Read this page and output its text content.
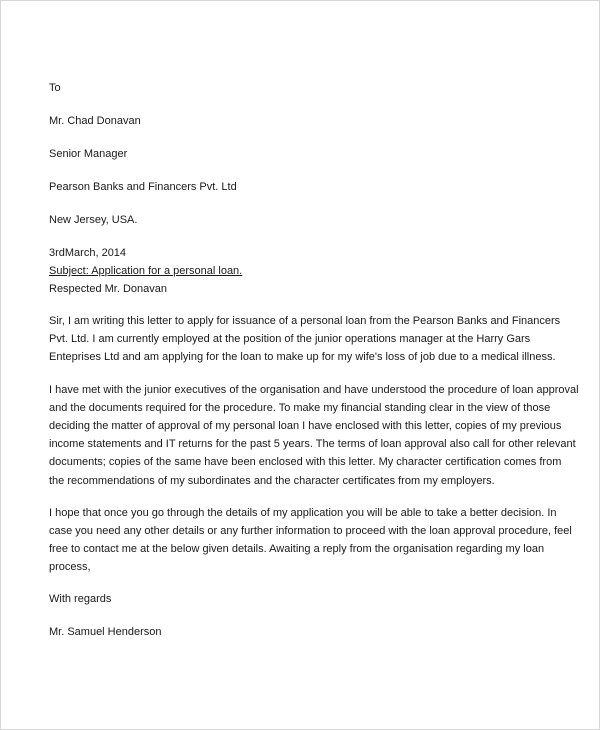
To
Mr. Chad Donavan
Senior Manager
Pearson Banks and Financers Pvt. Ltd
New Jersey, USA.
3rdMarch, 2014
Subject: Application for a personal loan.
Respected Mr. Donavan
Sir, I am writing this letter to apply for issuance of a personal loan from the Pearson Banks and Financers
Pvt. Ltd. I am currently employed at the position of the junior operations manager at the Harry Gars
Enteprises Ltd and am applying for the loan to make up for my wife's loss of job due to a medical illness.
I have met with the junior executives of the organisation and have understood the procedure of loan approval
and the documents required for the procedure. To make my financial standing clear in the view of those
deciding the matter of approval of my personal loan I have enclosed with this letter, copies of my previous
income statements and IT returns for the past 5 years. The terms of loan approval also call for other relevant
documents; copies of the same have been enclosed with this letter. My character certification comes from
the recommendations of my subordinates and the character certificates from my employers.
I hope that once you go through the details of my application you will be able to take a better decision. In
case you need any other details or any further information to proceed with the loan approval procedure, feel
free to contact me at the below given details. Awaiting a reply from the organisation regarding my loan
process,
With regards
Mr. Samuel Henderson
